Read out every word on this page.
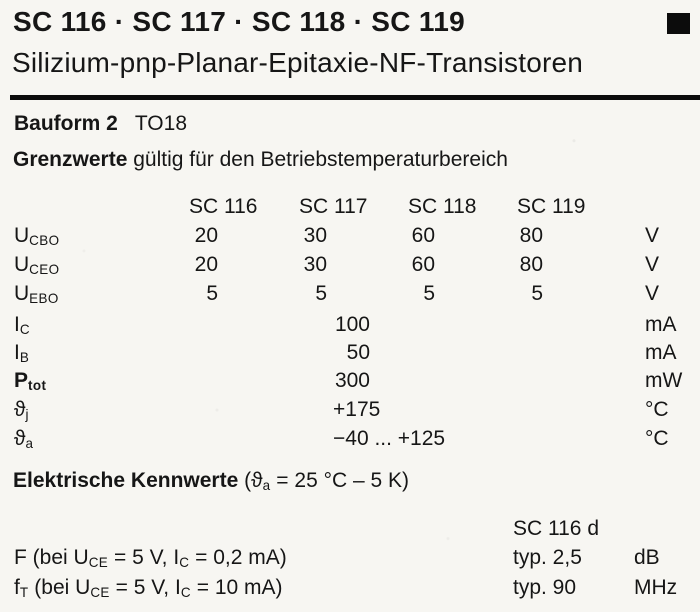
SC 116 · SC 117 · SC 118 · SC 119
Silizium-pnp-Planar-Epitaxie-NF-Transistoren
Bauform 2 TO18
Grenzwerte gültig für den Betriebstemperaturbereich
SC 116 SC 117 SC 118 SC 119
UCBO	20	30	60	80	V
UCEO	20	30	60	80	V
UEBO	5	5	5	5	V
IC	100	mA
IB	50	mA
Ptot	300	mW
ϑj	+175	°C
ϑa	−40 ... +125	°C
Elektrische Kennwerte (ϑa = 25 °C – 5 K)
SC 116 d
F (bei UCE = 5 V, IC = 0,2 mA)	typ. 2,5 dB
fT (bei UCE = 5 V, IC = 10 mA)	typ. 90	MHz
